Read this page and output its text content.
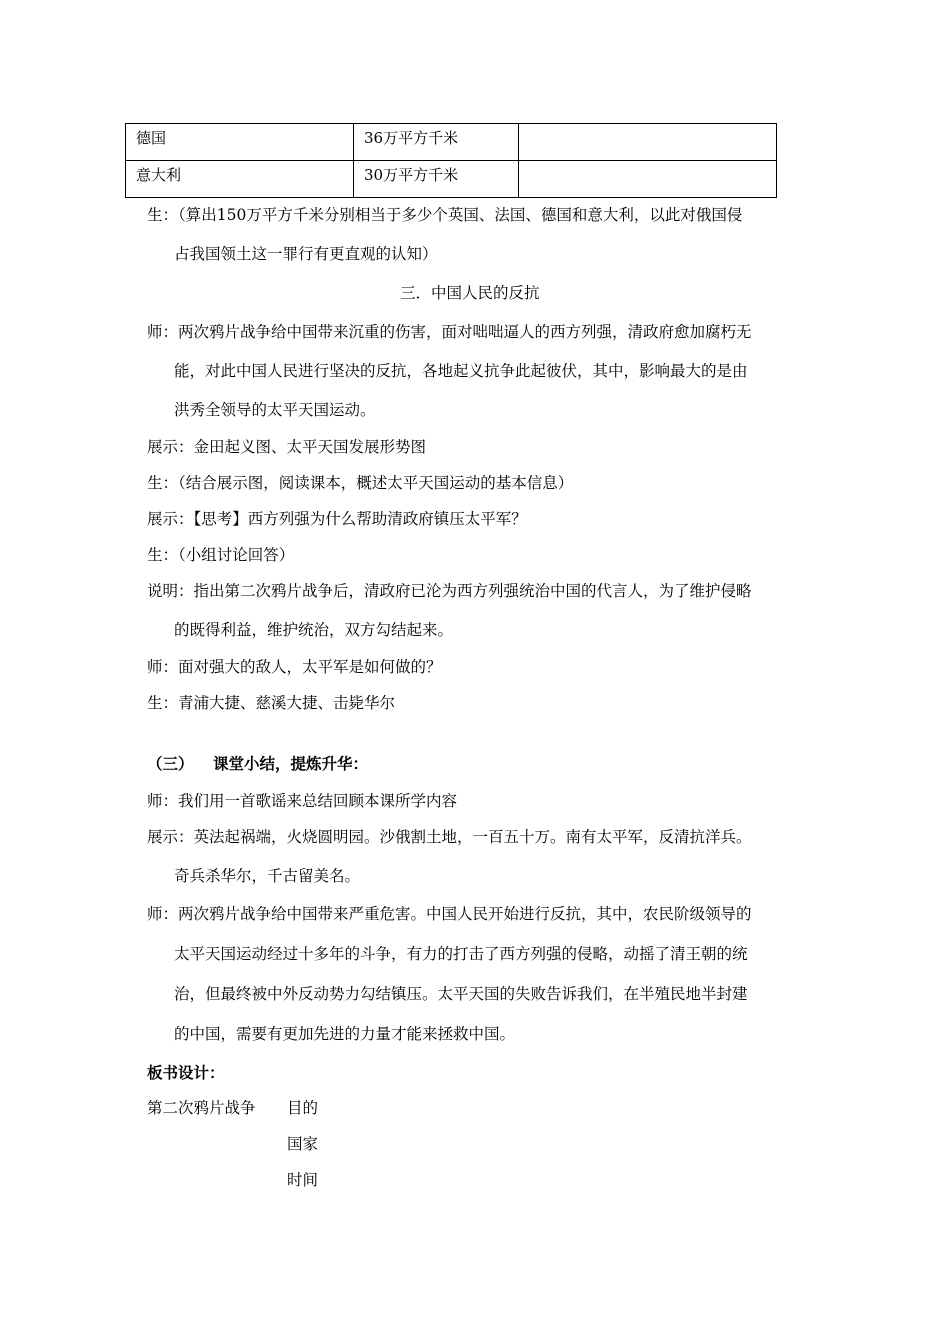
德国	36万平方千米	
意大利	30万平方千米	
生：（算出150万平方千米分别相当于多少个英国、法国、德国和意大利，以此对俄国侵
占我国领土这一罪行有更直观的认知）
三．中国人民的反抗
师：两次鸦片战争给中国带来沉重的伤害，面对咄咄逼人的西方列强，清政府愈加腐朽无
能，对此中国人民进行坚决的反抗，各地起义抗争此起彼伏，其中，影响最大的是由
洪秀全领导的太平天国运动。
展示：金田起义图、太平天国发展形势图
生：（结合展示图，阅读课本，概述太平天国运动的基本信息）
展示：【思考】西方列强为什么帮助清政府镇压太平军？
生：（小组讨论回答）
说明：指出第二次鸦片战争后，清政府已沦为西方列强统治中国的代言人，为了维护侵略
的既得利益，维护统治，双方勾结起来。
师：面对强大的敌人，太平军是如何做的？
生：青浦大捷、慈溪大捷、击毙华尔
（三） 课堂小结，提炼升华：
师：我们用一首歌谣来总结回顾本课所学内容
展示：英法起祸端，火烧圆明园。沙俄割土地，一百五十万。南有太平军，反清抗洋兵。
奇兵杀华尔，千古留美名。
师：两次鸦片战争给中国带来严重危害。中国人民开始进行反抗，其中，农民阶级领导的
太平天国运动经过十多年的斗争，有力的打击了西方列强的侵略，动摇了清王朝的统
治，但最终被中外反动势力勾结镇压。太平天国的失败告诉我们，在半殖民地半封建
的中国，需要有更加先进的力量才能来拯救中国。
板书设计：
第二次鸦片战争 目的
国家
时间
